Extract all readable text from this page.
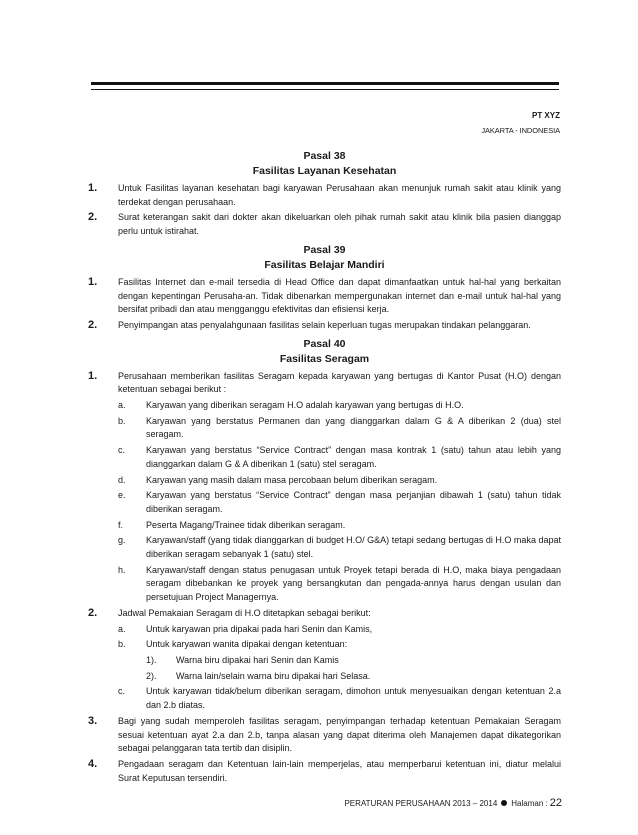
PT XYZ
JAKARTA - INDONESIA
Pasal 38
Fasilitas Layanan Kesehatan
1. Untuk Fasilitas layanan kesehatan bagi karyawan Perusahaan akan menunjuk rumah sakit atau klinik yang terdekat dengan perusahaan.
2. Surat keterangan sakit dari dokter akan dikeluarkan oleh pihak rumah sakit atau klinik bila pasien dianggap perlu untuk istirahat.
Pasal 39
Fasilitas Belajar Mandiri
1. Fasilitas Internet dan e-mail tersedia di Head Office dan dapat dimanfaatkan untuk hal-hal yang berkaitan dengan kepentingan Perusaha-an. Tidak dibenarkan mempergunakan internet dan e-mail untuk hal-hal yang bersifat pribadi dan atau mengganggu efektivitas dan efisiensi kerja.
2. Penyimpangan atas penyalahgunaan fasilitas selain keperluan tugas merupakan tindakan pelanggaran.
Pasal 40
Fasilitas Seragam
1. Perusahaan memberikan fasilitas Seragam kepada karyawan yang bertugas di Kantor Pusat (H.O) dengan ketentuan sebagai berikut :
a. Karyawan yang diberikan seragam H.O adalah karyawan yang bertugas di H.O.
b. Karyawan yang berstatus Permanen dan yang dianggarkan dalam G & A diberikan 2 (dua) stel seragam.
c. Karyawan yang berstatus “Service Contract” dengan masa kontrak 1 (satu) tahun atau lebih yang dianggarkan dalam G & A diberikan 1 (satu) stel seragam.
d. Karyawan yang masih dalam masa percobaan belum diberikan seragam.
e. Karyawan yang berstatus “Service Contract” dengan masa perjanjian dibawah 1 (satu) tahun tidak diberikan seragam.
f.	Peserta Magang/Trainee tidak diberikan seragam.
g. Karyawan/staff (yang tidak dianggarkan di budget H.O/ G&A) tetapi sedang bertugas di H.O maka dapat diberikan seragam sebanyak 1 (satu) stel.
h. Karyawan/staff dengan status penugasan untuk Proyek tetapi berada di H.O, maka biaya pengadaan seragam dibebankan ke proyek yang bersangkutan dan pengada-annya harus dengan usulan dan persetujuan Project Managernya.
2. Jadwal Pemakaian Seragam di H.O ditetapkan sebagai berikut:
a. Untuk karyawan pria dipakai pada hari Senin dan Kamis,
b. Untuk karyawan wanita dipakai dengan ketentuan:
1). Warna biru dipakai hari Senin dan Kamis
2). Warna lain/selain warna biru dipakai hari Selasa.
c. Untuk karyawan tidak/belum diberikan seragam, dimohon untuk menyesuaikan dengan ketentuan 2.a dan 2.b diatas.
3. Bagi yang sudah memperoleh fasilitas seragam, penyimpangan terhadap ketentuan Pemakaian Seragam sesuai ketentuan ayat 2.a dan 2.b, tanpa alasan yang dapat diterima oleh Manajemen dapat dikategorikan sebagai pelanggaran tata tertib dan disiplin.
4. Pengadaan seragam dan Ketentuan lain-lain memperjelas, atau memperbarui ketentuan ini, diatur melalui Surat Keputusan tersendiri.
PERATURAN PERUSAHAAN 2013 – 2014 Halaman : 22
